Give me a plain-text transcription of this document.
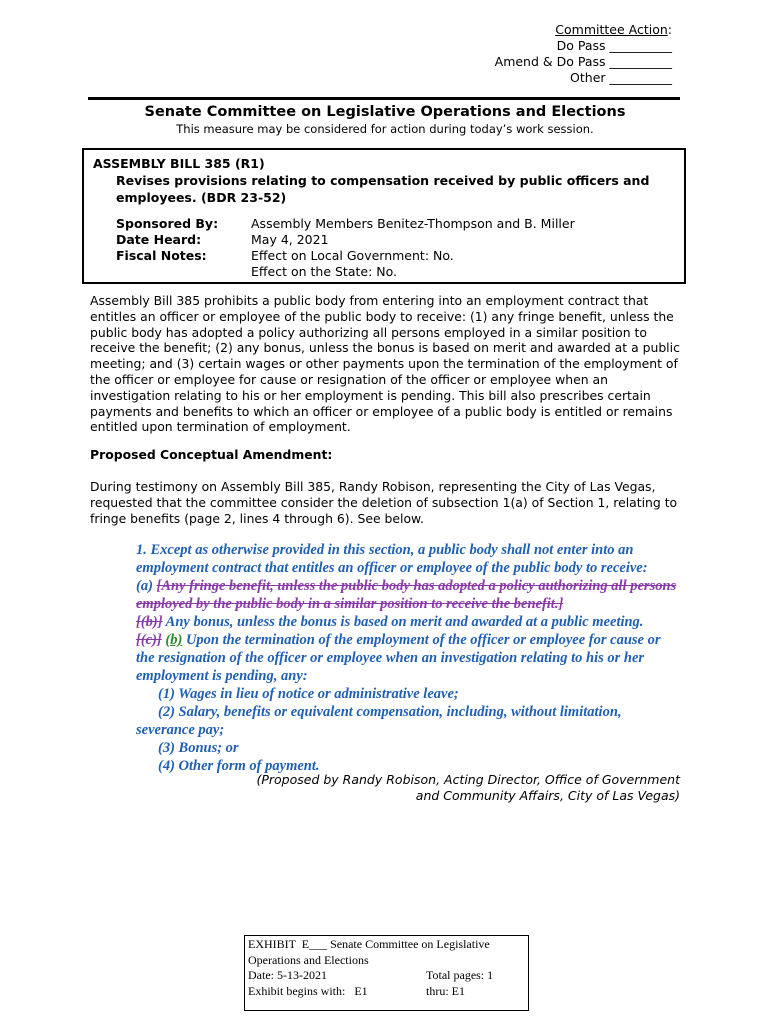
Committee Action:
Do Pass __________
Amend & Do Pass __________
Other __________
Senate Committee on Legislative Operations and Elections
This measure may be considered for action during today’s work session.
ASSEMBLY BILL 385 (R1)
Revises provisions relating to compensation received by public officers and employees. (BDR 23-52)
Sponsored By:	Assembly Members Benitez-Thompson and B. Miller
Date Heard:	May 4, 2021
Fiscal Notes:	Effect on Local Government: No.
Effect on the State: No.
Assembly Bill 385 prohibits a public body from entering into an employment contract that entitles an officer or employee of the public body to receive: (1) any fringe benefit, unless the public body has adopted a policy authorizing all persons employed in a similar position to receive the benefit; (2) any bonus, unless the bonus is based on merit and awarded at a public meeting; and (3) certain wages or other payments upon the termination of the employment of the officer or employee for cause or resignation of the officer or employee when an investigation relating to his or her employment is pending. This bill also prescribes certain payments and benefits to which an officer or employee of a public body is entitled or remains entitled upon termination of employment.
Proposed Conceptual Amendment:
During testimony on Assembly Bill 385, Randy Robison, representing the City of Las Vegas, requested that the committee consider the deletion of subsection 1(a) of Section 1, relating to fringe benefits (page 2, lines 4 through 6). See below.
1. Except as otherwise provided in this section, a public body shall not enter into an employment contract that entitles an officer or employee of the public body to receive:
(a) [Any fringe benefit, unless the public body has adopted a policy authorizing all persons employed by the public body in a similar position to receive the benefit.]
[(b)] Any bonus, unless the bonus is based on merit and awarded at a public meeting.
[(c)] (b) Upon the termination of the employment of the officer or employee for cause or the resignation of the officer or employee when an investigation relating to his or her employment is pending, any:
(1) Wages in lieu of notice or administrative leave;
(2) Salary, benefits or equivalent compensation, including, without limitation, severance pay;
(3) Bonus; or
(4) Other form of payment.
(Proposed by Randy Robison, Acting Director, Office of Government
and Community Affairs, City of Las Vegas)
EXHIBIT  E___ Senate Committee on Legislative
Operations and Elections
Date: 5-13-2021	Total pages: 1
Exhibit begins with:   E1	thru: E1
